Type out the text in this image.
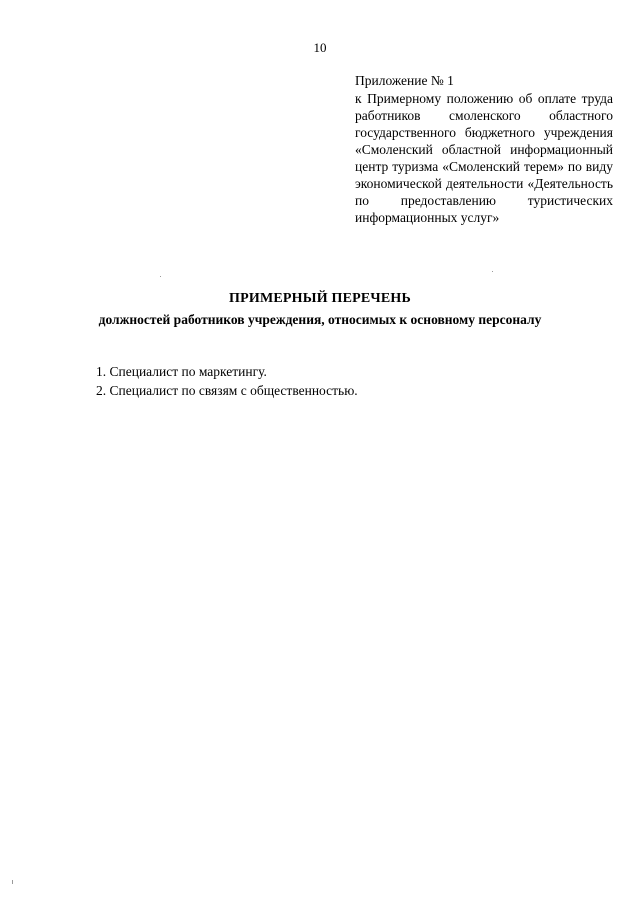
10
Приложение № 1
к Примерному положению об оплате труда работников смоленского областного государственного бюджетного учреждения «Смоленский областной информационный центр туризма «Смоленский терем» по виду экономической деятельности «Деятельность по предоставлению туристических информационных услуг»
ПРИМЕРНЫЙ ПЕРЕЧЕНЬ
должностей работников учреждения, относимых к основному персоналу
1. Специалист по маркетингу.
2. Специалист по связям с общественностью.
